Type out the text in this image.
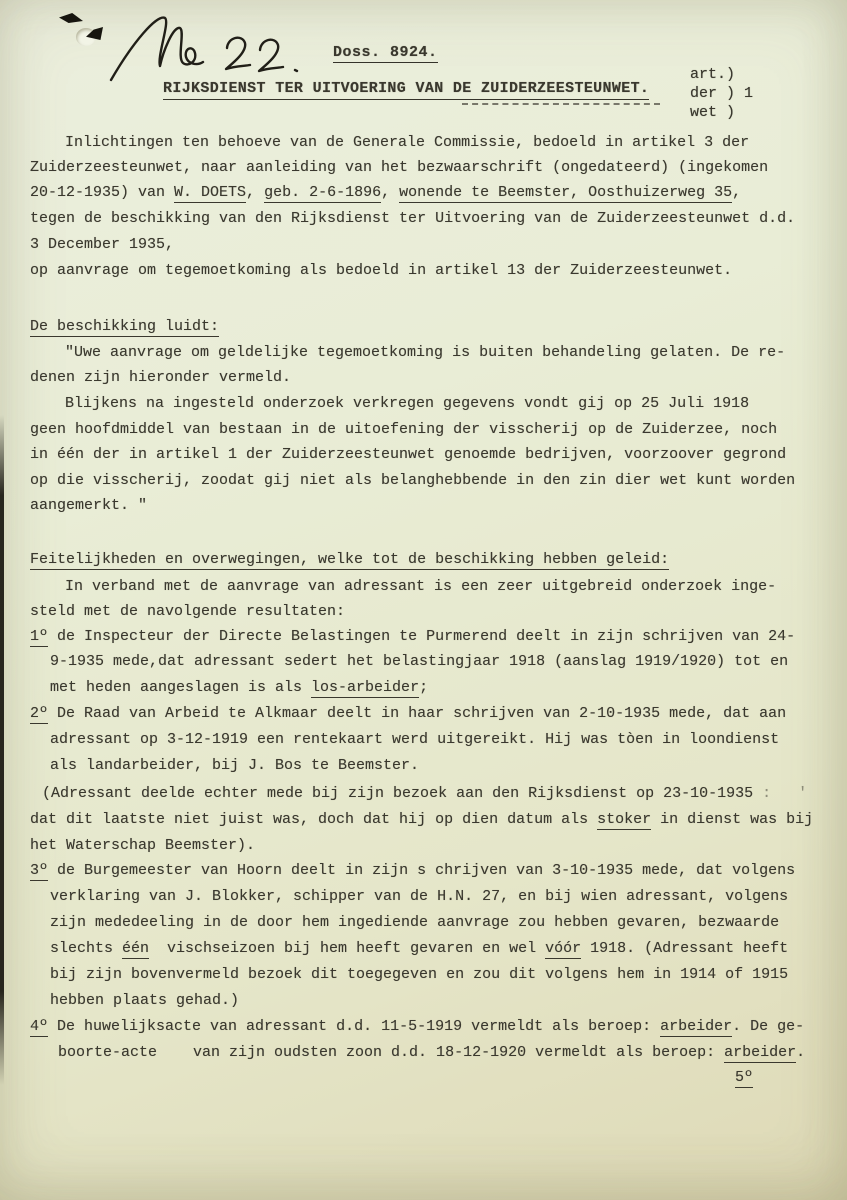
Doss. 8924.
RIJKSDIENST TER UITVOERING VAN DE ZUIDERZEESTEUNWET.
art.)
der ) 1
wet )
Inlichtingen ten behoeve van de Generale Commissie, bedoeld in artikel 3 der
Zuiderzeesteunwet, naar aanleiding van het bezwaarschrift (ongedateerd) (ingekomen
20-12-1935) van W. DOETS, geb. 2-6-1896, wonende te Beemster, Oosthuizerweg 35,
tegen de beschikking van den Rijksdienst ter Uitvoering van de Zuiderzeesteunwet d.d.
3 December 1935,
op aanvrage om tegemoetkoming als bedoeld in artikel 13 der Zuiderzeesteunwet.
De beschikking luidt:
"Uwe aanvrage om geldelijke tegemoetkoming is buiten behandeling gelaten. De re-
denen zijn hieronder vermeld.
Blijkens na ingesteld onderzoek verkregen gegevens vondt gij op 25 Juli 1918
geen hoofdmiddel van bestaan in de uitoefening der visscherij op de Zuiderzee, noch
in één der in artikel 1 der Zuiderzeesteunwet genoemde bedrijven, voorzoover gegrond
op die visscherij, zoodat gij niet als belanghebbende in den zin dier wet kunt worden
aangemerkt. "
Feitelijkheden en overwegingen, welke tot de beschikking hebben geleid:
In verband met de aanvrage van adressant is een zeer uitgebreid onderzoek inge-
steld met de navolgende resultaten:
1º de Inspecteur der Directe Belastingen te Purmerend deelt in zijn schrijven van 24-
9-1935 mede,dat adressant sedert het belastingjaar 1918 (aanslag 1919/1920) tot en
met heden aangeslagen is als los-arbeider;
2º De Raad van Arbeid te Alkmaar deelt in haar schrijven van 2-10-1935 mede, dat aan
adressant op 3-12-1919 een rentekaart werd uitgereikt. Hij was tòen in loondienst
als landarbeider, bij J. Bos te Beemster.
(Adressant deelde echter mede bij zijn bezoek aan den Rijksdienst op 23-10-1935 :   '
dat dit laatste niet juist was, doch dat hij op dien datum als stoker in dienst was bij
het Waterschap Beemster).
3º de Burgemeester van Hoorn deelt in zijn s chrijven van 3-10-1935 mede, dat volgens
verklaring van J. Blokker, schipper van de H.N. 27, en bij wien adressant, volgens
zijn mededeeling in de door hem ingediende aanvrage zou hebben gevaren, bezwaarde
slechts één  vischseizoen bij hem heeft gevaren en wel vóór 1918. (Adressant heeft
bij zijn bovenvermeld bezoek dit toegegeven en zou dit volgens hem in 1914 of 1915
hebben plaats gehad.)
4º De huwelijksacte van adressant d.d. 11-5-1919 vermeldt als beroep: arbeider. De ge-
boorte-acte    van zijn oudsten zoon d.d. 18-12-1920 vermeldt als beroep: arbeider.
5º
